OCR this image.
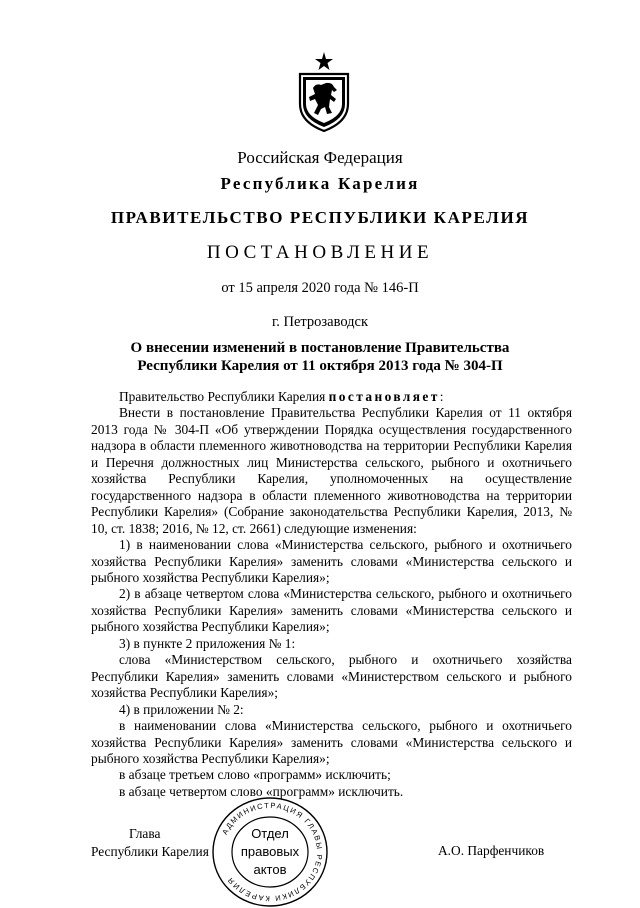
Российская Федерация
Республика Карелия
ПРАВИТЕЛЬСТВО РЕСПУБЛИКИ КАРЕЛИЯ
ПОСТАНОВЛЕНИЕ
от 15 апреля 2020 года № 146-П
г. Петрозаводск
О внесении изменений в постановление Правительства
Республики Карелия от 11 октября 2013 года № 304-П

Правительство Республики Карелия постановляет:

Внести в постановление Правительства Республики Карелия от 11 октября 2013 года № 304-П «Об утверждении Порядка осуществления государственного надзора в области племенного животноводства на территории Республики Карелия и Перечня должностных лиц Министерства сельского, рыбного и охотничьего хозяйства Республики Карелия, уполномоченных на осуществление государственного надзора в области племенного животноводства на территории Республики Карелия» (Собрание законодательства Республики Карелия, 2013, № 10, ст. 1838; 2016, № 12, ст. 2661) следующие изменения:

1) в наименовании слова «Министерства сельского, рыбного и охотничьего хозяйства Республики Карелия» заменить словами «Министерства сельского и рыбного хозяйства Республики Карелия»;

2) в абзаце четвертом слова «Министерства сельского, рыбного и охотничьего хозяйства Республики Карелия» заменить словами «Министерства сельского и рыбного хозяйства Республики Карелия»;

3) в пункте 2 приложения № 1:

слова «Министерством сельского, рыбного и охотничьего хозяйства Республики Карелия» заменить словами «Министерством сельского и рыбного хозяйства Республики Карелия»;

4) в приложении № 2:

в наименовании слова «Министерства сельского, рыбного и охотничьего хозяйства Республики Карелия» заменить словами «Министерства сельского и рыбного хозяйства Республики Карелия»;

в абзаце третьем слово «программ» исключить;

в абзаце четвертом слово «программ» исключить.

Глава
Республики Карелия	А.О. Парфенчиков
АДМИНИСТРАЦИЯ ГЛАВЫ РЕСПУБЛИКИ КАРЕЛИЯ
Отдел
правовых
актов
